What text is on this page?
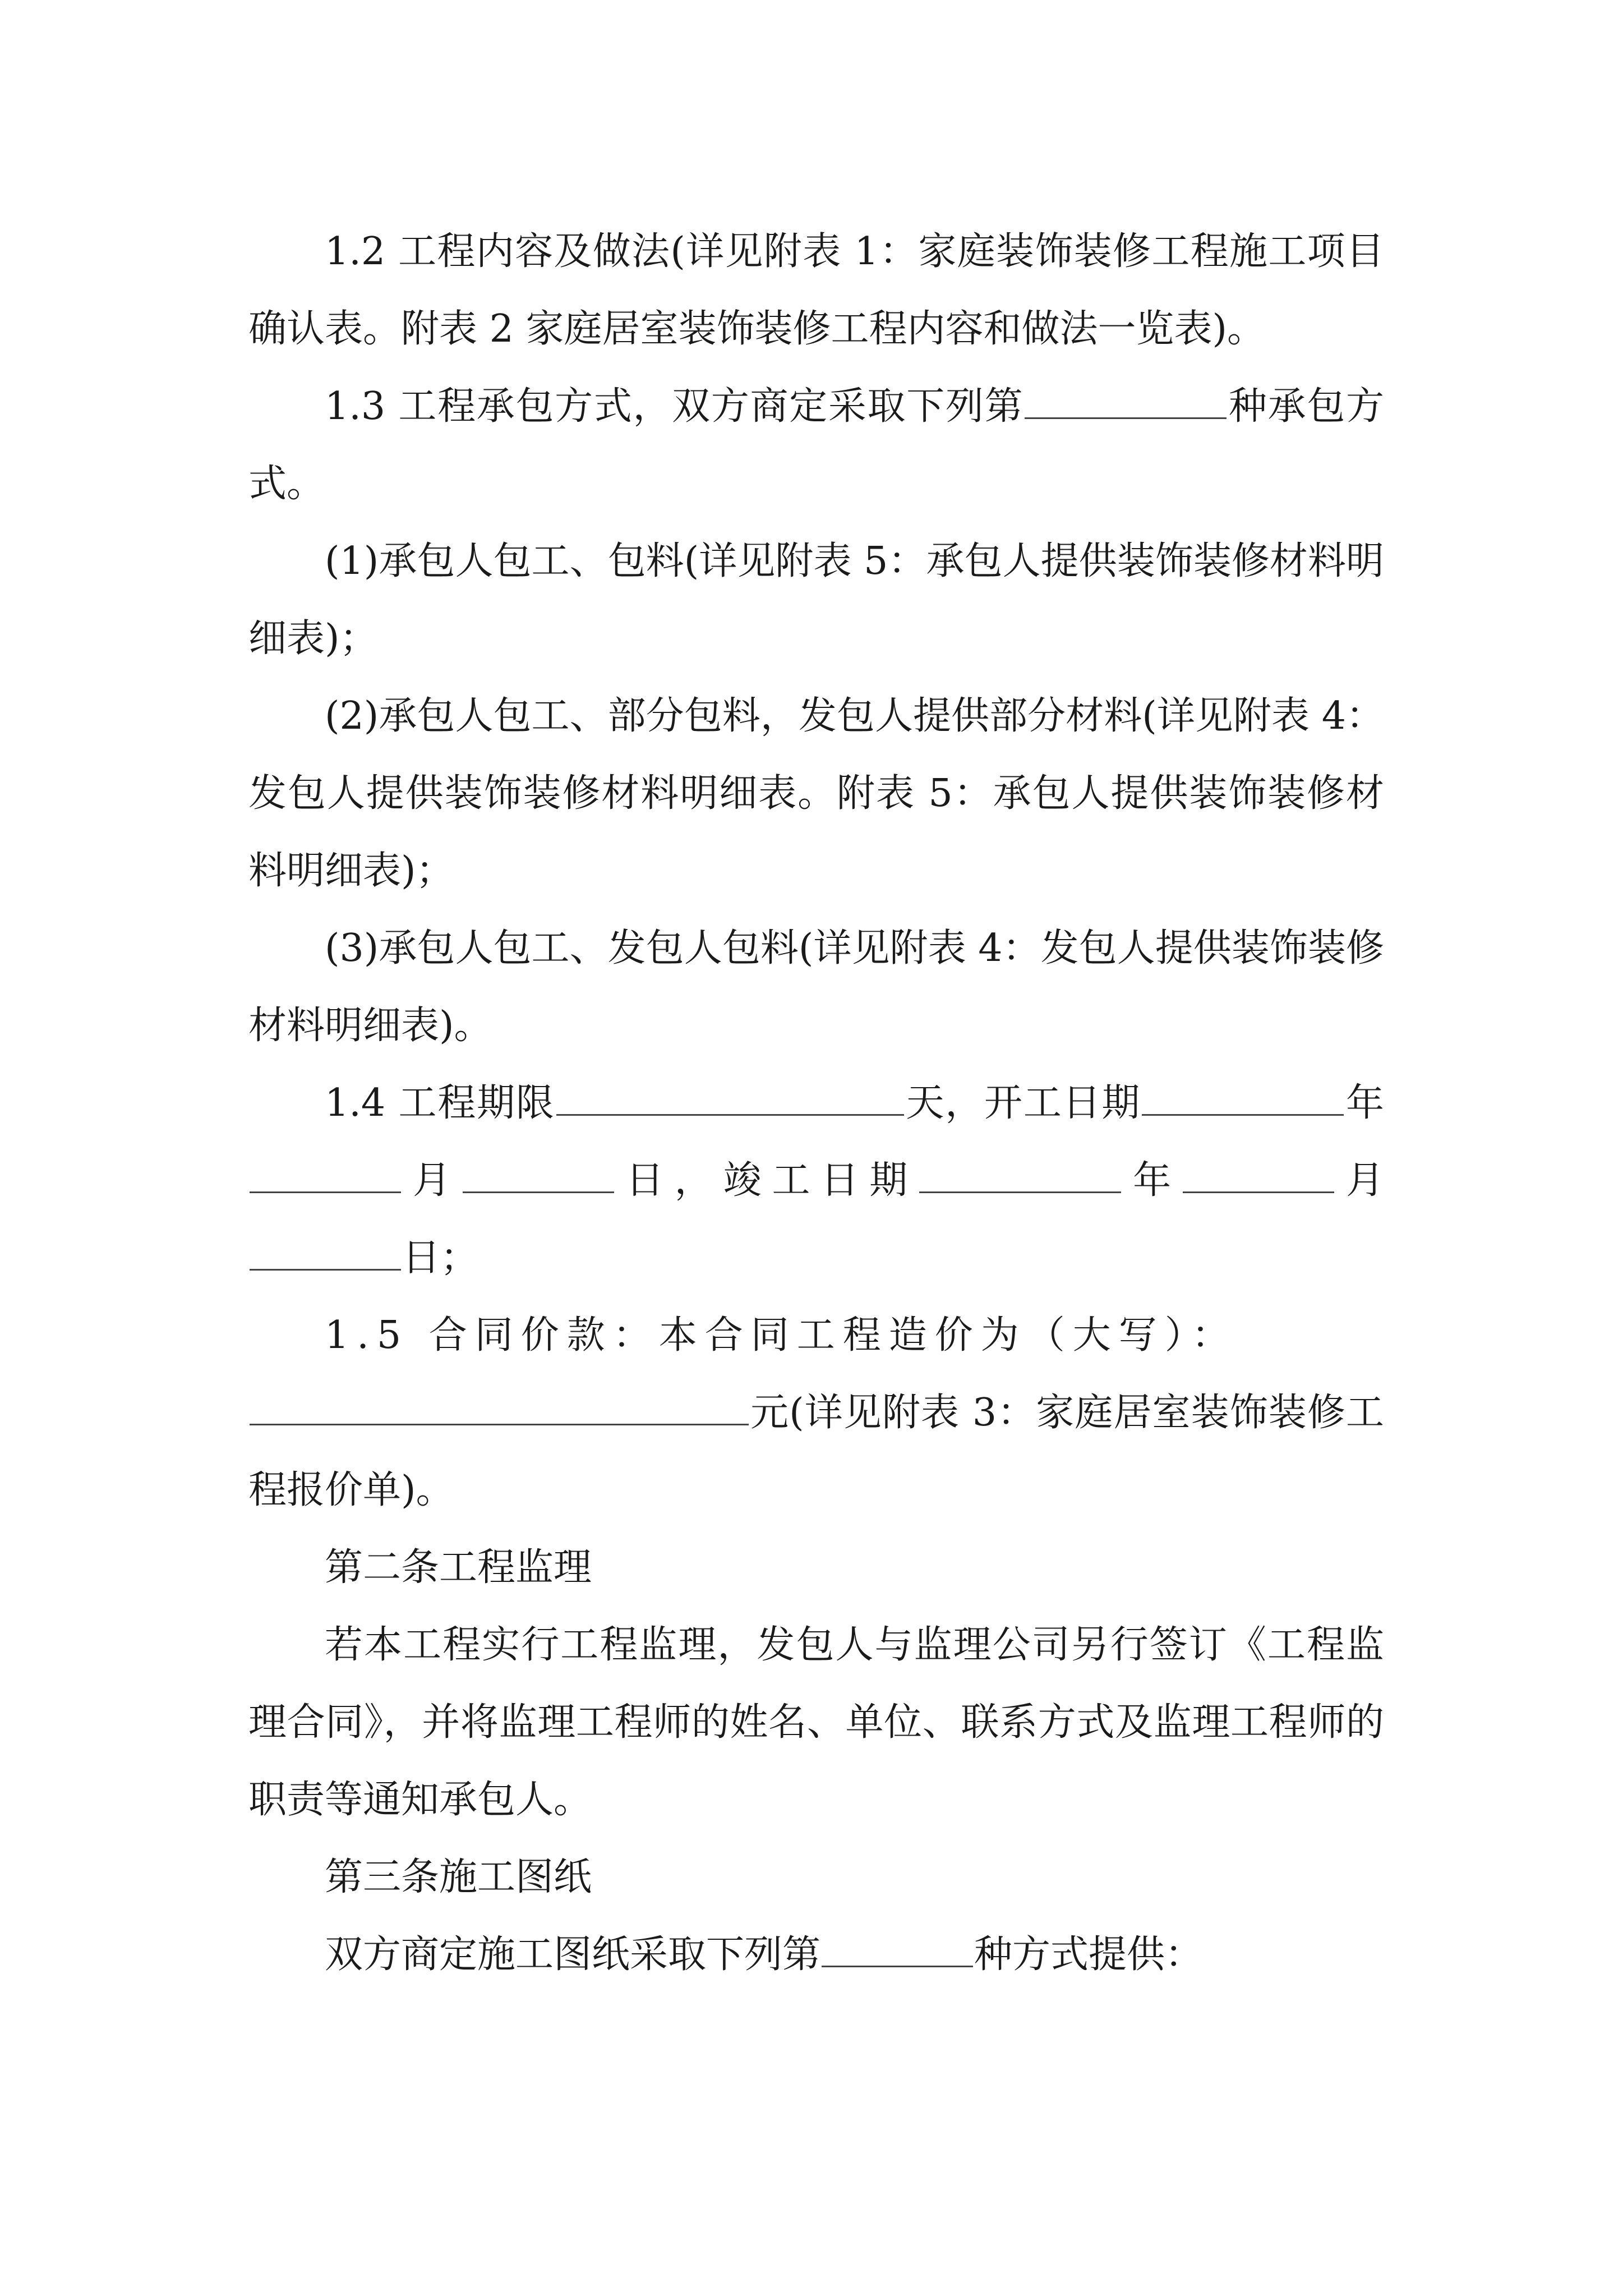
1.2 工程内容及做法(详见附表 1：家庭装饰装修工程施工项目确认表。附表 2 家庭居室装饰装修工程内容和做法一览表)。

1.3 工程承包方式，双方商定采取下列第	种承包方式。

(1)承包人包工、包料(详见附表 5：承包人提供装饰装修材料明细表)；

(2)承包人包工、部分包料，发包人提供部分材料(详见附表 4：发包人提供装饰装修材料明细表。附表 5：承包人提供装饰装修材料明细表)；

(3)承包人包工、发包人包料(详见附表 4：发包人提供装饰装修材料明细表)。

1.4 工程期限	天，开工日期	年月	日，竣工日期	年	月日；

1.5 合同价款：本合同工程造价为（大写）：

元(详见附表 3：家庭居室装饰装修工程报价单)。

第二条工程监理

若本工程实行工程监理，发包人与监理公司另行签订《工程监理合同》，并将监理工程师的姓名、单位、联系方式及监理工程师的职责等通知承包人。

第三条施工图纸

双方商定施工图纸采取下列第	种方式提供：
